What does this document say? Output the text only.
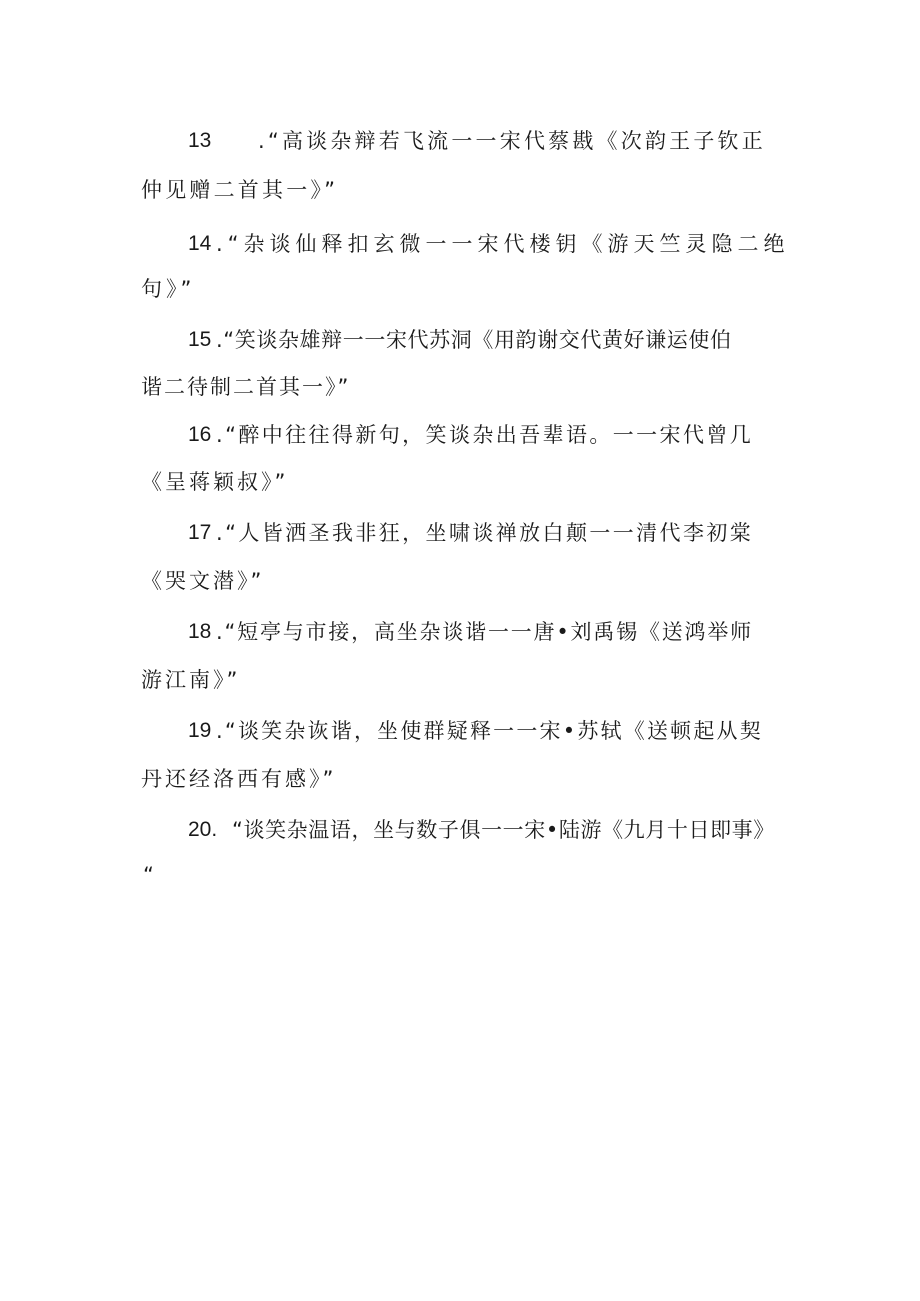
13 .“高谈杂辩若飞流一一宋代蔡戡《次韵王子钦正
仲见赠二首其一》”
14 .“杂谈仙释扣玄微一一宋代楼钥《游天竺灵隐二绝
句》”
15 .“笑谈杂雄辩一一宋代苏洞《用韵谢交代黄好谦运使伯
谐二待制二首其一》”
16 .“醉中往往得新句，笑谈杂出吾辈语。一一宋代曾几
《呈蒋颖叔》”
17 .“人皆洒圣我非狂，坐啸谈禅放白颠一一清代李初棠
《哭文潜》”
18 .“短亭与市接，高坐杂谈谐一一唐•刘禹锡《送鸿举师
游江南》”
19 .“谈笑杂诙谐，坐使群疑释一一宋•苏轼《送顿起从契
丹还经洛西有感》”
20. “谈笑杂温语，坐与数子俱一一宋•陆游《九月十日即事》
“
